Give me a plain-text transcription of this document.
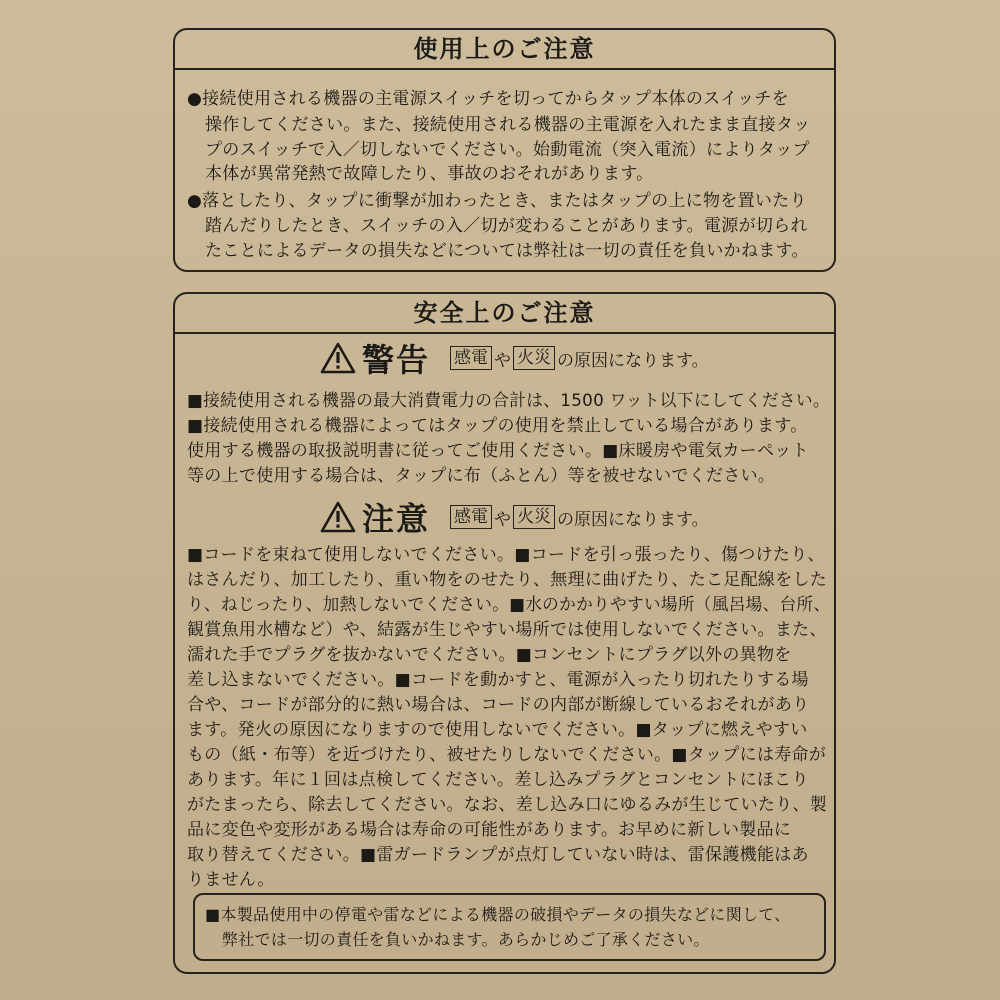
使用上のご注意
●接続使用される機器の主電源スイッチを切ってからタップ本体のスイッチを
操作してください。また、接続使用される機器の主電源を入れたまま直接タッ
プのスイッチで入／切しないでください。始動電流（突入電流）によりタップ
本体が異常発熱で故障したり、事故のおそれがあります。
●落としたり、タップに衝撃が加わったとき、またはタップの上に物を置いたり
踏んだりしたとき、スイッチの入／切が変わることがあります。電源が切られ
たことによるデータの損失などについては弊社は一切の責任を負いかねます。
安全上のご注意
警告 感電 や 火災 の原因になります。
■接続使用される機器の最大消費電力の合計は、1500 ワット以下にしてください。
■接続使用される機器によってはタップの使用を禁止している場合があります。
使用する機器の取扱説明書に従ってご使用ください。■床暖房や電気カーペット
等の上で使用する場合は、タップに布（ふとん）等を被せないでください。
注意 感電 や 火災 の原因になります。
■コードを束ねて使用しないでください。■コードを引っ張ったり、傷つけたり、
はさんだり、加工したり、重い物をのせたり、無理に曲げたり、たこ足配線をした
り、ねじったり、加熱しないでください。■水のかかりやすい場所（風呂場、台所、
観賞魚用水槽など）や、結露が生じやすい場所では使用しないでください。また、
濡れた手でプラグを抜かないでください。■コンセントにプラグ以外の異物を
差し込まないでください。■コードを動かすと、電源が入ったり切れたりする場
合や、コードが部分的に熱い場合は、コードの内部が断線しているおそれがあり
ます。発火の原因になりますので使用しないでください。■タップに燃えやすい
もの（紙・布等）を近づけたり、被せたりしないでください。■タップには寿命が
あります。年に１回は点検してください。差し込みプラグとコンセントにほこり
がたまったら、除去してください。なお、差し込み口にゆるみが生じていたり、製
品に変色や変形がある場合は寿命の可能性があります。お早めに新しい製品に
取り替えてください。■雷ガードランプが点灯していない時は、雷保護機能はあ
りません。
■本製品使用中の停電や雷などによる機器の破損やデータの損失などに関して、
弊社では一切の責任を負いかねます。あらかじめご了承ください。
